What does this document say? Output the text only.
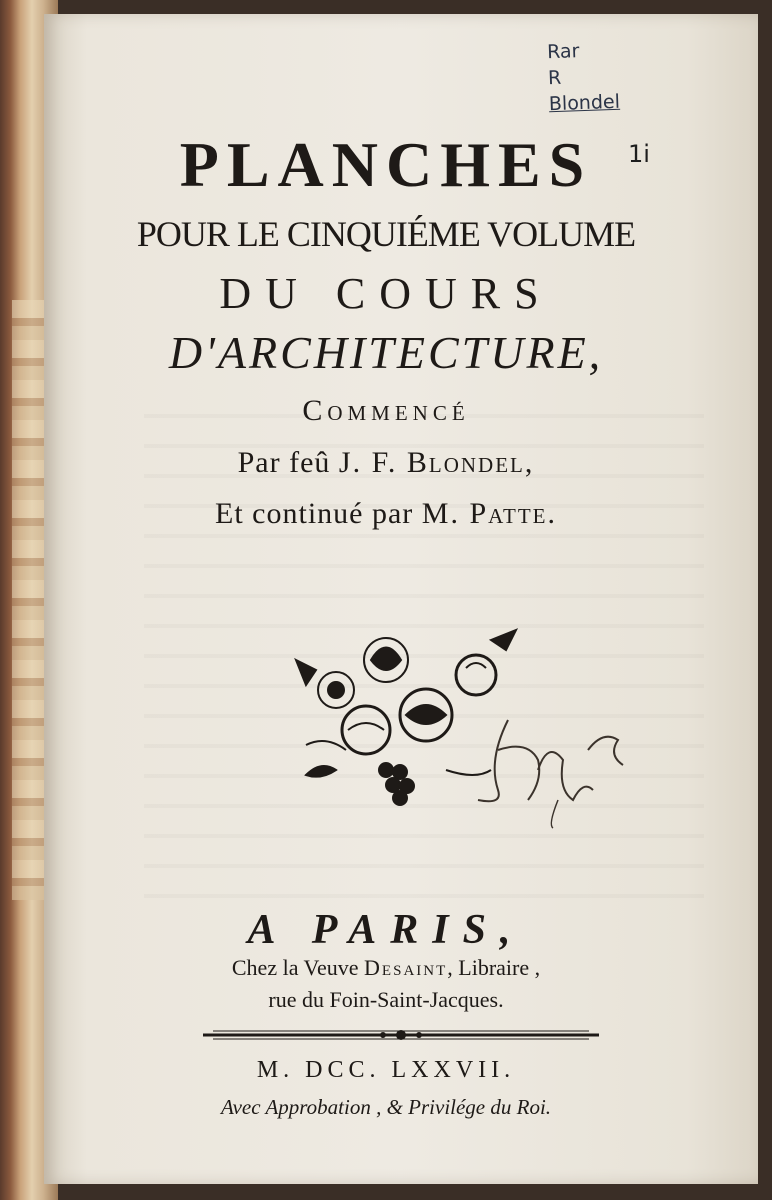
Rar
R
Blondel
1i
PLANCHES
POUR LE CINQUIÉME VOLUME
DU COURS
D'ARCHITECTURE,
Commencé
Par feû J. F. Blondel,
Et continué par M. Patte.
A PARIS,
Chez la Veuve Desaint, Libraire ,
rue du Foin-Saint-Jacques.
M. DCC. LXXVII.
Avec Approbation , & Privilége du Roi.
